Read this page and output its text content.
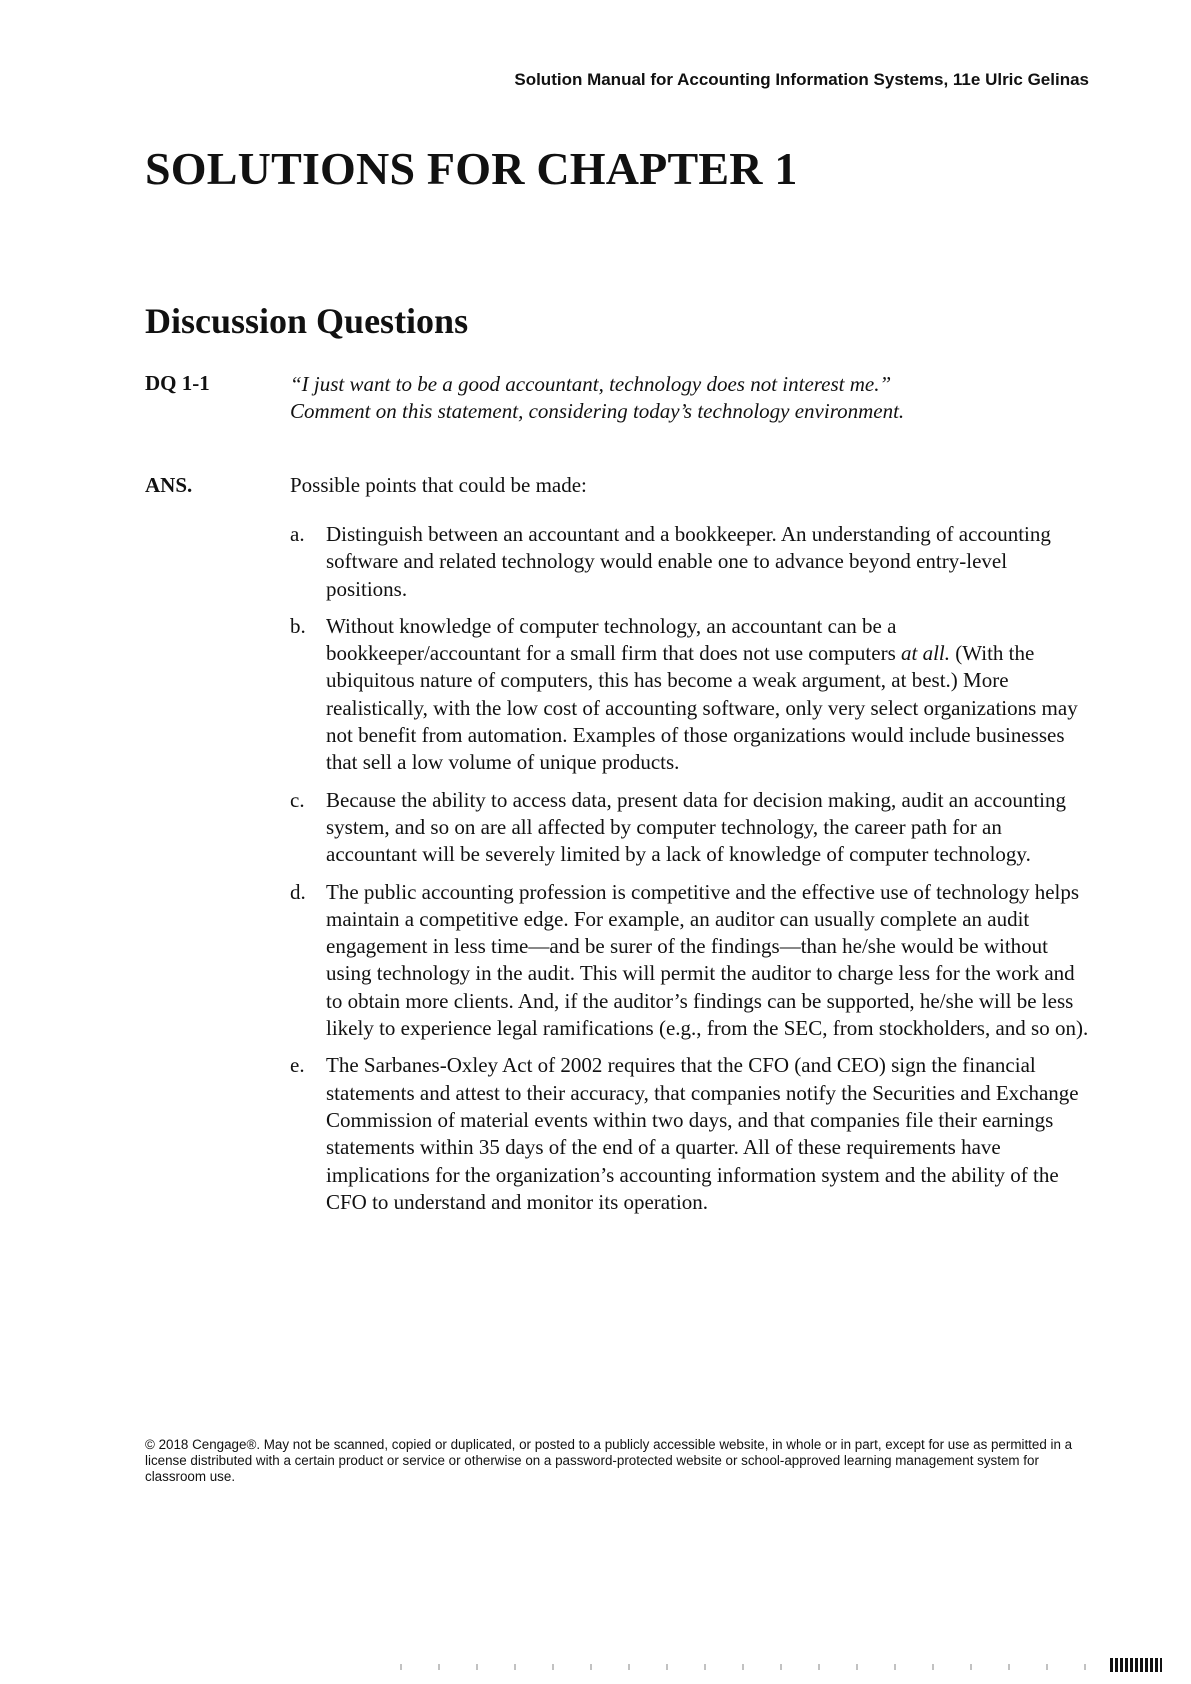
Solution Manual for Accounting Information Systems, 11e Ulric Gelinas
SOLUTIONS FOR CHAPTER 1
Discussion Questions
DQ 1-1	“I just want to be a good accountant, technology does not interest me.”
Comment on this statement, considering today’s technology environment.
ANS.	Possible points that could be made:
a. Distinguish between an accountant and a bookkeeper. An understanding of accounting software and related technology would enable one to advance beyond entry-level positions.
b. Without knowledge of computer technology, an accountant can be a bookkeeper/accountant for a small firm that does not use computers at all. (With the ubiquitous nature of computers, this has become a weak argument, at best.) More realistically, with the low cost of accounting software, only very select organizations may not benefit from automation. Examples of those organizations would include businesses that sell a low volume of unique products.
c. Because the ability to access data, present data for decision making, audit an accounting system, and so on are all affected by computer technology, the career path for an accountant will be severely limited by a lack of knowledge of computer technology.
d. The public accounting profession is competitive and the effective use of technology helps maintain a competitive edge. For example, an auditor can usually complete an audit engagement in less time—and be surer of the findings—than he/she would be without using technology in the audit. This will permit the auditor to charge less for the work and to obtain more clients. And, if the auditor’s findings can be supported, he/she will be less likely to experience legal ramifications (e.g., from the SEC, from stockholders, and so on).
e. The Sarbanes-Oxley Act of 2002 requires that the CFO (and CEO) sign the financial statements and attest to their accuracy, that companies notify the Securities and Exchange Commission of material events within two days, and that companies file their earnings statements within 35 days of the end of a quarter. All of these requirements have implications for the organization’s accounting information system and the ability of the CFO to understand and monitor its operation.
© 2018 Cengage®. May not be scanned, copied or duplicated, or posted to a publicly accessible website, in whole or in part, except for use as permitted in a license distributed with a certain product or service or otherwise on a password-protected website or school-approved learning management system for classroom use.
